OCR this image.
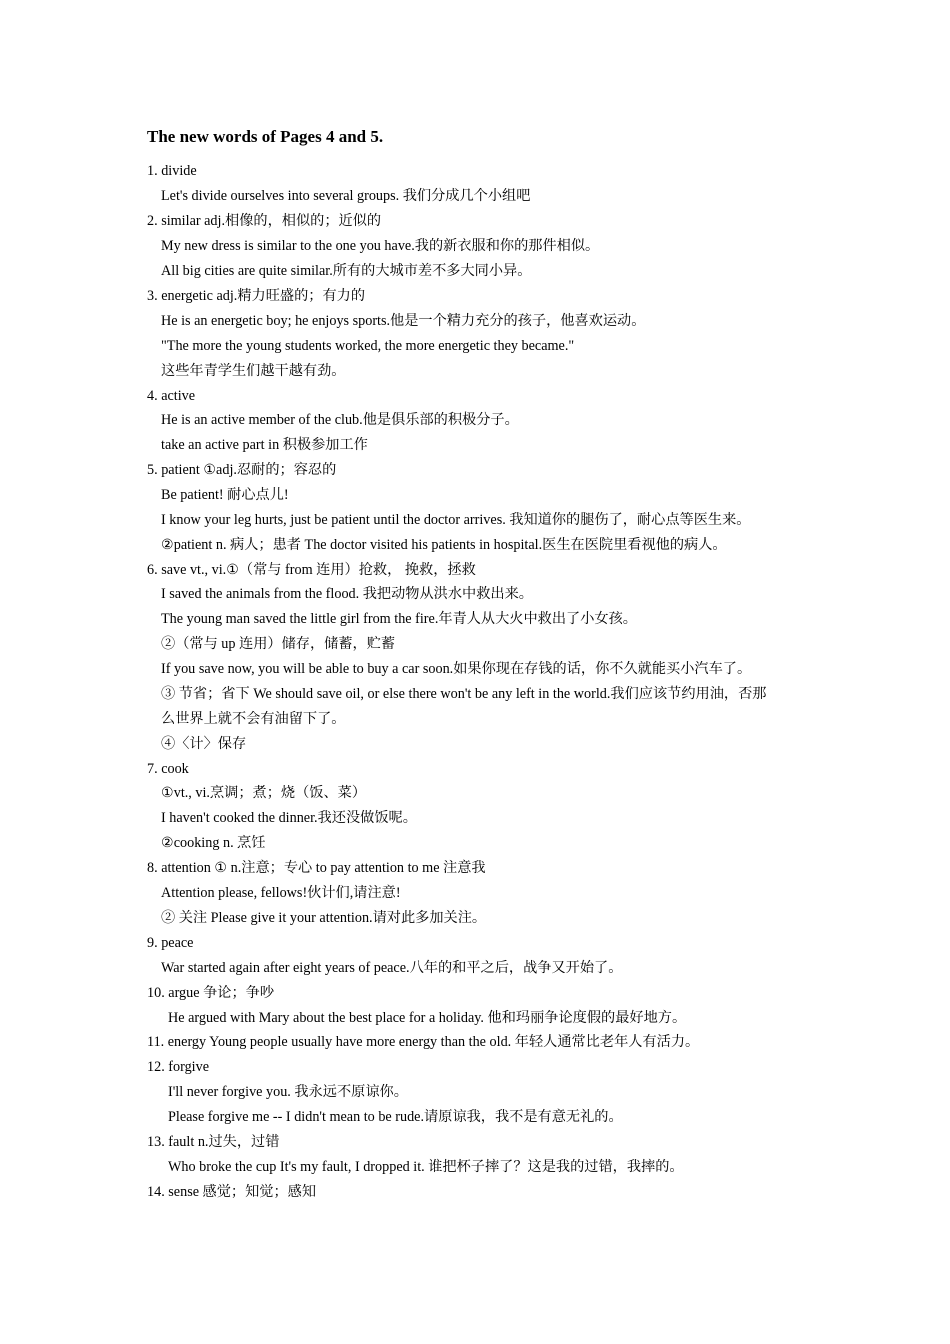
The new words of Pages 4 and 5.
1. divide
Let's divide ourselves into several groups. 我们分成几个小组吧
2. similar adj.相像的，相似的；近似的
My new dress is similar to the one you have.我的新衣服和你的那件相似。
All big cities are quite similar.所有的大城市差不多大同小异。
3. energetic adj.精力旺盛的；有力的
He is an energetic boy; he enjoys sports.他是一个精力充分的孩子，他喜欢运动。
"The more the young students worked, the more energetic they became."
这些年青学生们越干越有劲。
4. active
He is an active member of the club.他是俱乐部的积极分子。
take an active part in 积极参加工作
5. patient ①adj.忍耐的；容忍的
Be patient! 耐心点儿!
I know your leg hurts, just be patient until the doctor arrives. 我知道你的腿伤了，耐心点等医生来。
②patient n. 病人；患者 The doctor visited his patients in hospital.医生在医院里看视他的病人。
6. save vt., vi.①（常与 from 连用）抢救， 挽救，拯救
I saved the animals from the flood. 我把动物从洪水中救出来。
The young man saved the little girl from the fire.年青人从大火中救出了小女孩。
②（常与 up 连用）储存，储蓄，贮蓄
If you save now, you will be able to buy a car soon.如果你现在存钱的话，你不久就能买小汽车了。
③ 节省；省下 We should save oil, or else there won't be any left in the world.我们应该节约用油，否那
么世界上就不会有油留下了。
④〈计〉保存
7. cook
①vt., vi.烹调；煮；烧（饭、菜）
I haven't cooked the dinner.我还没做饭呢。
②cooking n. 烹饪
8. attention ① n.注意；专心 to pay attention to me 注意我
Attention please, fellows!伙计们,请注意!
② 关注 Please give it your attention.请对此多加关注。
9. peace
War started again after eight years of peace.八年的和平之后，战争又开始了。
10. argue 争论；争吵
He argued with Mary about the best place for a holiday. 他和玛丽争论度假的最好地方。
11. energy Young people usually have more energy than the old. 年轻人通常比老年人有活力。
12. forgive
I'll never forgive you. 我永远不原谅你。
Please forgive me -- I didn't mean to be rude.请原谅我，我不是有意无礼的。
13. fault n.过失，过错
Who broke the cup It's my fault, I dropped it. 谁把杯子摔了？这是我的过错，我摔的。
14. sense 感觉；知觉；感知
